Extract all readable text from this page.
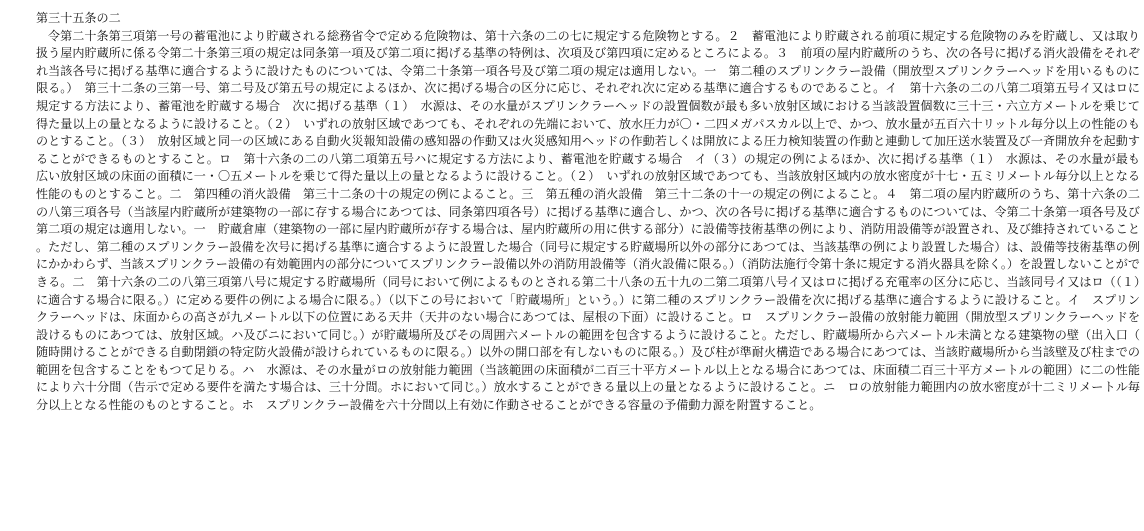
第三十五条の二

令第二十条第三項第一号の蓄電池により貯蔵される総務省令で定める危険物は、第十六条の二の七に規定する危険物とする。２　蓄電池により貯蔵される前項に規定する危険物のみを貯蔵し、又は取り扱う屋内貯蔵所に係る令第二十条第三項の規定は同条第一項及び第二項に掲げる基準の特例は、次項及び第四項に定めるところによる。３　前項の屋内貯蔵所のうち、次の各号に掲げる消火設備をそれぞれ当該各号に掲げる基準に適合するように設けたものについては、令第二十条第一項各号及び第二項の規定は適用しない。一　第二種のスプリンクラー設備（開放型スプリンクラーヘッドを用いるものに限る。）　第三十二条の三第一号、第二号及び第五号の規定によるほか、次に掲げる場合の区分に応じ、それぞれ次に定める基準に適合するものであること。イ　第十六条の二の八第二項第五号イ又はロに規定する方法により、蓄電池を貯蔵する場合　次に掲げる基準（１）　水源は、その水量がスプリンクラーヘッドの設置個数が最も多い放射区域における当該設置個数に三十三・六立方メートルを乗じて得た量以上の量となるように設けること。（２）　いずれの放射区域であつても、それぞれの先端において、放水圧力が〇・二四メガパスカル以上で、かつ、放水量が五百六十リットル毎分以上の性能のものとすること。（３）　放射区域と同一の区域にある自動火災報知設備の感知器の作動又は火災感知用ヘッドの作動若しくは開放による圧力検知装置の作動と連動して加圧送水装置及び一斉開放弁を起動することができるものとすること。ロ　第十六条の二の八第二項第五号ハに規定する方法により、蓄電池を貯蔵する場合　イ（３）の規定の例によるほか、次に掲げる基準（１）　水源は、その水量が最も広い放射区域の床面の面積に一・〇五メートルを乗じて得た量以上の量となるように設けること。（２）　いずれの放射区域であつても、当該放射区域内の放水密度が十七・五ミリメートル毎分以上となる性能のものとすること。二　第四種の消火設備　第三十二条の十の規定の例によること。三　第五種の消火設備　第三十二条の十一の規定の例によること。４　第二項の屋内貯蔵所のうち、第十六条の二の八第三項各号（当該屋内貯蔵所が建築物の一部に存する場合にあつては、同条第四項各号）に掲げる基準に適合し、かつ、次の各号に掲げる基準に適合するものについては、令第二十条第一項各号及び第二項の規定は適用しない。一　貯蔵倉庫（建築物の一部に屋内貯蔵所が存する場合は、屋内貯蔵所の用に供する部分）に設備等技術基準の例により、消防用設備等が設置され、及び維持されていること。ただし、第二種のスプリンクラー設備を次号に掲げる基準に適合するように設置した場合（同号に規定する貯蔵場所以外の部分にあつては、当該基準の例により設置した場合）は、設備等技術基準の例にかかわらず、当該スプリンクラー設備の有効範囲内の部分についてスプリンクラー設備以外の消防用設備等（消火設備に限る。）（消防法施行令第十条に規定する消火器具を除く。）を設置しないことができる。二　第十六条の二の八第三項第八号に規定する貯蔵場所（同号において例によるものとされる第二十八条の五十九の二第二項第八号イ又はロに掲げる充電率の区分に応じ、当該同号イ又はロ（（１）に適合する場合に限る。）に定める要件の例による場合に限る。）（以下この号において「貯蔵場所」という。）に第二種のスプリンクラー設備を次に掲げる基準に適合するように設けること。イ　スプリンクラーヘッドは、床面からの高さが九メートル以下の位置にある天井（天井のない場合にあつては、屋根の下面）に設けること。ロ　スプリンクラー設備の放射能力範囲（開放型スプリンクラーヘッドを設けるものにあつては、放射区域。ハ及びニにおいて同じ。）が貯蔵場所及びその周囲六メートルの範囲を包含するように設けること。ただし、貯蔵場所から六メートル未満となる建築物の壁（出入口（随時開けることができる自動閉鎖の特定防火設備が設けられているものに限る。）以外の開口部を有しないものに限る。）及び柱が準耐火構造である場合にあつては、当該貯蔵場所から当該壁及び柱までの範囲を包含することをもつて足りる。ハ　水源は、その水量がロの放射能力範囲（当該範囲の床面積が二百三十平方メートル以上となる場合にあつては、床面積二百三十平方メートルの範囲）に二の性能により六十分間（告示で定める要件を満たす場合は、三十分間。ホにおいて同じ。）放水することができる量以上の量となるように設けること。ニ　ロの放射能力範囲内の放水密度が十二ミリメートル毎分以上となる性能のものとすること。ホ　スプリンクラー設備を六十分間以上有効に作動させることができる容量の予備動力源を附置すること。
